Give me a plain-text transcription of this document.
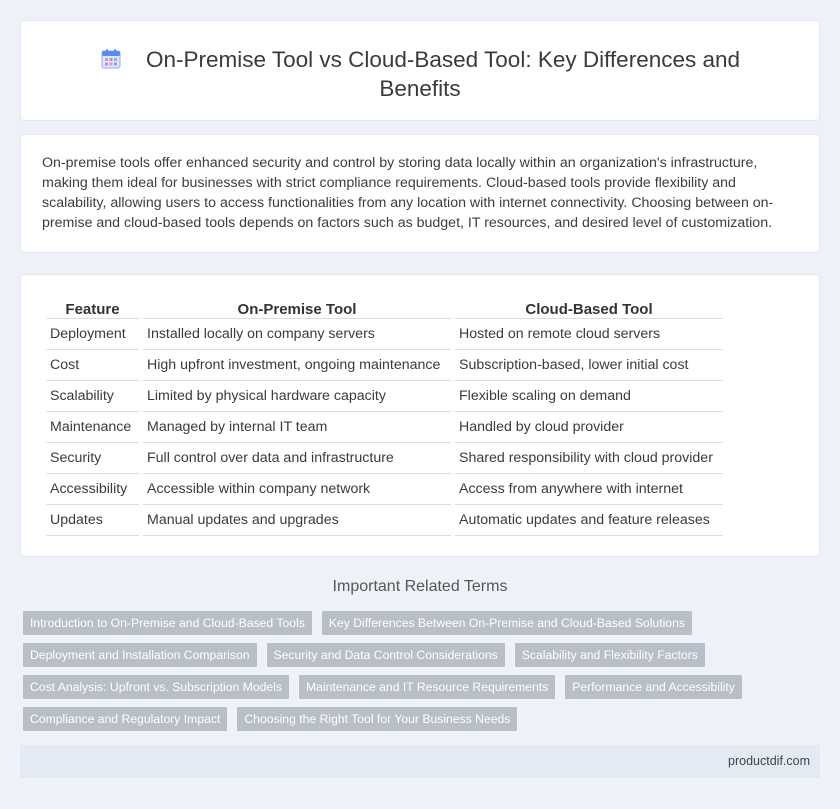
On-Premise Tool vs Cloud-Based Tool: Key Differences and Benefits

On-premise tools offer enhanced security and control by storing data locally within an organization's infrastructure, making them ideal for businesses with strict compliance requirements. Cloud-based tools provide flexibility and scalability, allowing users to access functionalities from any location with internet connectivity. Choosing between on-premise and cloud-based tools depends on factors such as budget, IT resources, and desired level of customization.

Feature	On-Premise Tool	Cloud-Based Tool
Deployment	Installed locally on company servers	Hosted on remote cloud servers
Cost	High upfront investment, ongoing maintenance	Subscription-based, lower initial cost
Scalability	Limited by physical hardware capacity	Flexible scaling on demand
Maintenance	Managed by internal IT team	Handled by cloud provider
Security	Full control over data and infrastructure	Shared responsibility with cloud provider
Accessibility	Accessible within company network	Access from anywhere with internet
Updates	Manual updates and upgrades	Automatic updates and feature releases
Important Related Terms
Introduction to On-Premise and Cloud-Based Tools Key Differences Between On-Premise and Cloud-Based Solutions
Deployment and Installation Comparison Security and Data Control Considerations Scalability and Flexibility Factors
Cost Analysis: Upfront vs. Subscription Models Maintenance and IT Resource Requirements Performance and Accessibility
Compliance and Regulatory Impact Choosing the Right Tool for Your Business Needs
productdif.com
